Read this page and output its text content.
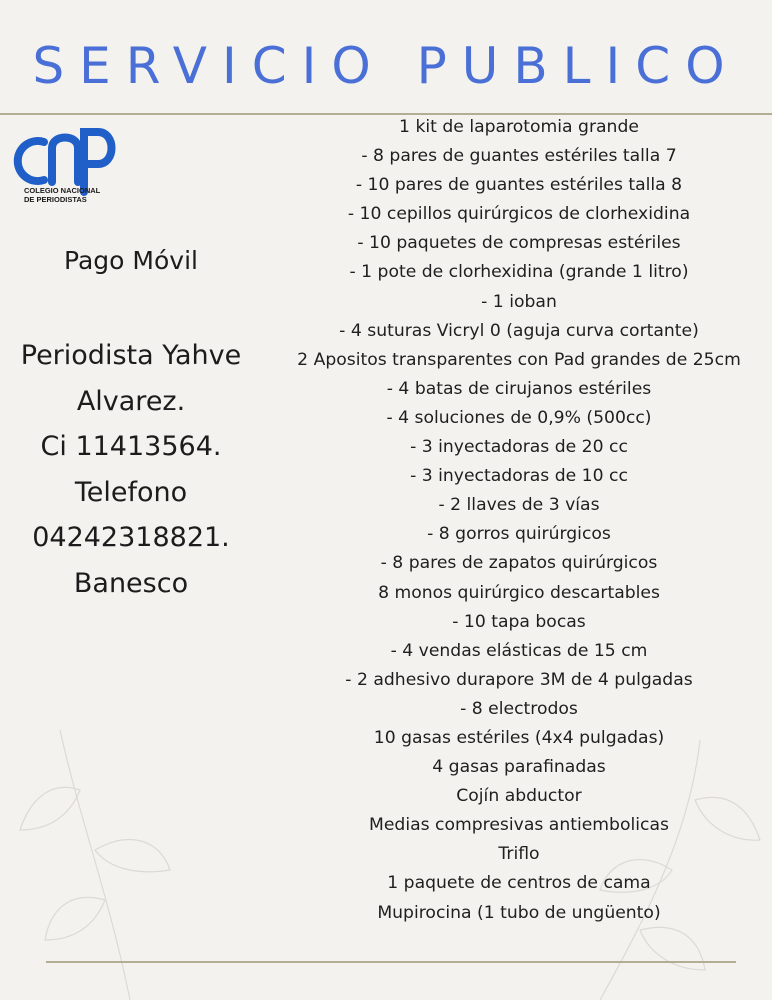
SERVICIO PUBLICO
COLEGIO NACIONAL
DE PERIODISTAS
Pago Móvil
Periodista Yahve
Alvarez.
Ci 11413564.
Telefono
04242318821.
Banesco
1 kit de laparotomia grande
- 8 pares de guantes estériles talla 7
- 10 pares de guantes estériles talla 8
- 10 cepillos quirúrgicos de clorhexidina
- 10 paquetes de compresas estériles
- 1 pote de clorhexidina (grande 1 litro)
- 1 ioban
- 4 suturas Vicryl 0 (aguja curva cortante)
2 Apositos transparentes con Pad grandes de 25cm
- 4 batas de cirujanos estériles
- 4 soluciones de 0,9% (500cc)
- 3 inyectadoras de 20 cc
- 3 inyectadoras de 10 cc
- 2 llaves de 3 vías
- 8 gorros quirúrgicos
- 8 pares de zapatos quirúrgicos
8 monos quirúrgico descartables
- 10 tapa bocas
- 4 vendas elásticas de 15 cm
- 2 adhesivo durapore 3M de 4 pulgadas
- 8 electrodos
10 gasas estériles (4x4 pulgadas)
4 gasas parafinadas
Cojín abductor
Medias compresivas antiembolicas
Triflo
1 paquete de centros de cama
Mupirocina (1 tubo de ungüento)
